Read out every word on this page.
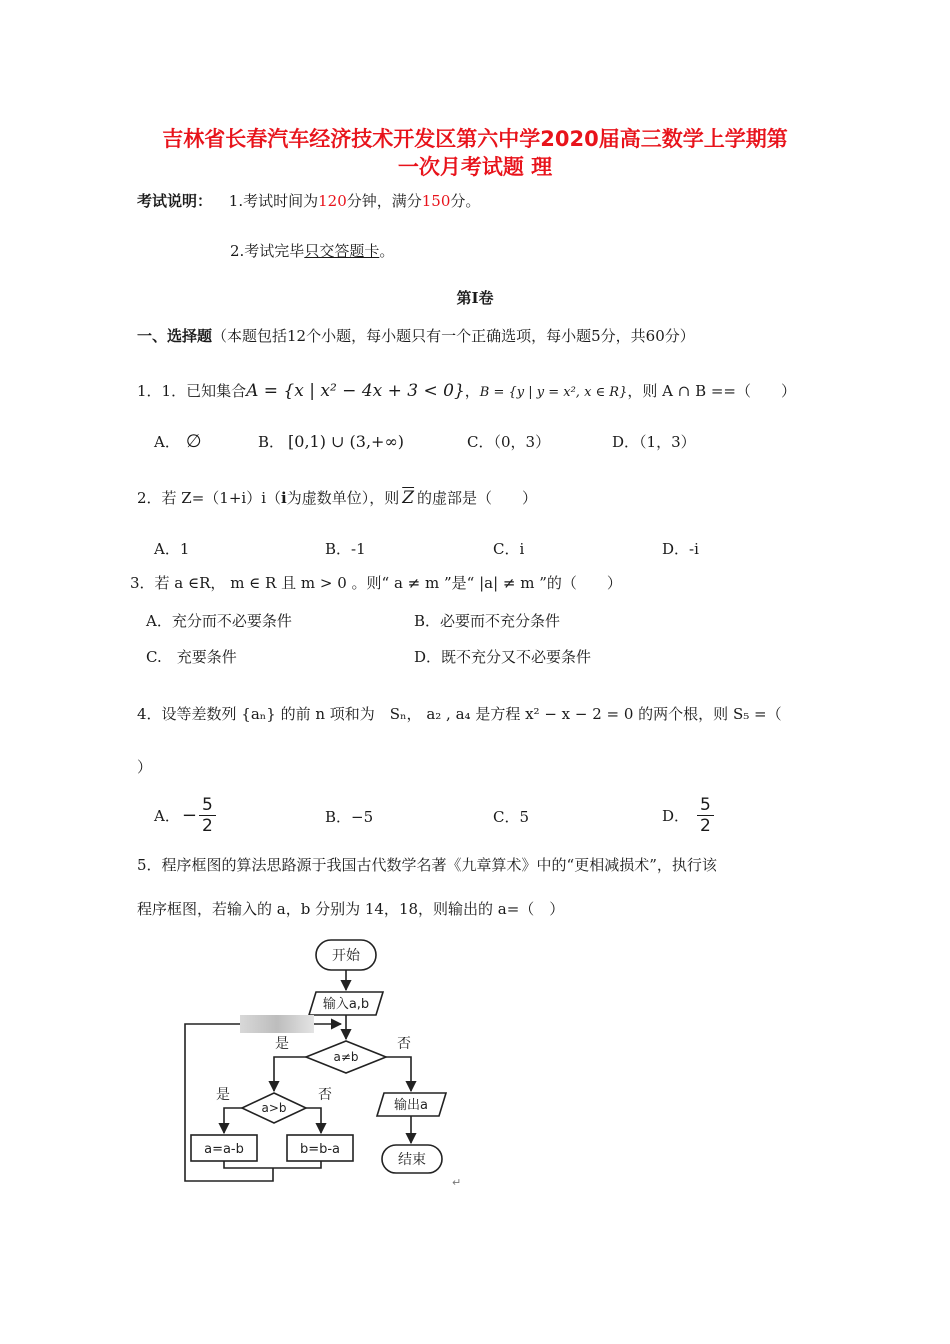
吉林省长春汽车经济技术开发区第六中学2020届高三数学上学期第
一次月考试题 理
考试说明： 1.考试时间为120分钟，满分150分。
2.考试完毕只交答题卡。
第Ⅰ卷
一、选择题（本题包括12个小题，每小题只有一个正确选项，每小题5分，共60分）
1．1．已知集合A = {x | x² − 4x + 3 < 0}，B = {y | y = x², x ∈ R}，则 A ∩ B ==（　　）
A． ∅	B． [0,1) ∪ (3,+∞)	C．（0，3）	D．（1，3）
2．若 Z=（1+i）i（i为虚数单位），则 $\overline{Z}$ 的虚部是（　　）
A．1	B．-1	C．i	D．-i
3．若 a ∈R， m ∈ R 且 m > 0 。则“ a ≠ m ”是“ |a| ≠ m ”的（　　）
A．充分而不必要条件	B．必要而不充分条件
C.　充要条件	D．既不充分又不必要条件
4．设等差数列 {aₙ} 的前 n 项和为　Sₙ， a₂ , a₄ 是方程 x² − x − 2 = 0 的两个根，则 S₅ =（
）
A． − $\frac{5}{2}$	B．−5	C．5	D． $\frac{5}{2}$
5．程序框图的算法思路源于我国古代数学名著《九章算术》中的“更相减损术”，执行该
程序框图，若输入的 a，b 分别为 14，18，则输出的 a=（　）
开始
输入a,b
a≠b
是	否
a>b
是	否
a=a-b	b=b-a
输出a
结束
↵
